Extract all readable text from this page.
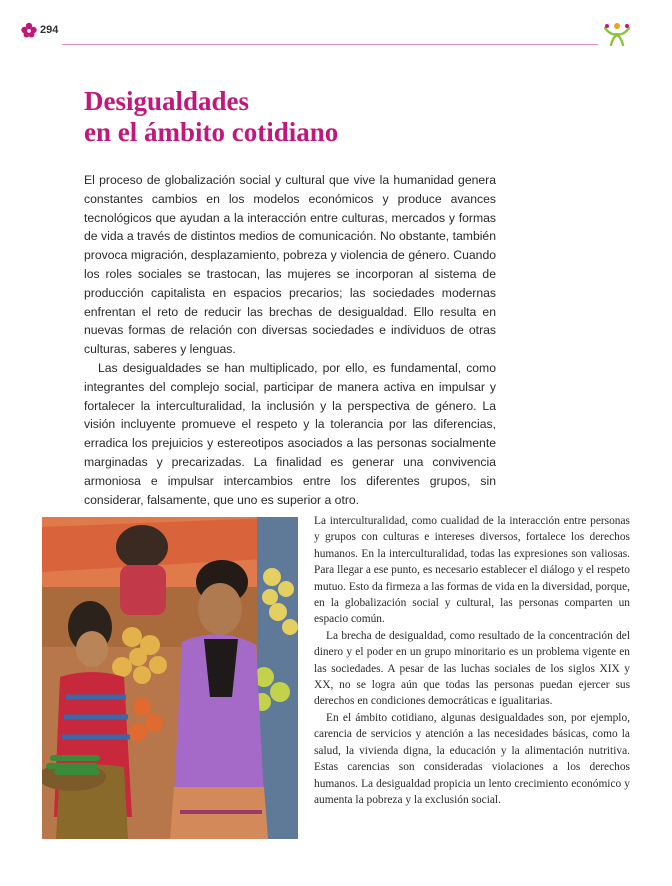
294
Desigualdades
en el ámbito cotidiano

El proceso de globalización social y cultural que vive la humanidad genera constantes cambios en los modelos económicos y produce avances tecnológicos que ayudan a la interacción entre culturas, mercados y formas de vida a través de distintos medios de comunicación. No obstante, también provoca migración, desplazamiento, pobreza y violencia de género. Cuando los roles sociales se trastocan, las mujeres se incorporan al sistema de producción capitalista en espacios precarios; las sociedades modernas enfrentan el reto de reducir las brechas de desigualdad. Ello resulta en nuevas formas de relación con diversas sociedades e individuos de otras culturas, saberes y lenguas.

Las desigualdades se han multiplicado, por ello, es fundamental, como integrantes del complejo social, participar de manera activa en impulsar y fortalecer la interculturalidad, la inclusión y la perspectiva de género. La visión incluyente promueve el respeto y la tolerancia por las diferencias, erradica los prejuicios y estereotipos asociados a las personas socialmente marginadas y precarizadas. La finalidad es generar una convivencia armoniosa e impulsar intercambios entre los diferentes grupos, sin considerar, falsamente, que uno es superior a otro.

La interculturalidad, como cualidad de la interacción entre personas y grupos con culturas e intereses diversos, fortalece los derechos humanos. En la interculturalidad, todas las expresiones son valiosas. Para llegar a ese punto, es necesario establecer el diálogo y el respeto mutuo. Esto da firmeza a las formas de vida en la diversidad, porque, en la globalización social y cultural, las personas comparten un espacio común.

La brecha de desigualdad, como resultado de la concentración del dinero y el poder en un grupo minoritario es un problema vigente en las sociedades. A pesar de las luchas sociales de los siglos XIX y XX, no se logra aún que todas las personas puedan ejercer sus derechos en condiciones democráticas e igualitarias.

En el ámbito cotidiano, algunas desigualdades son, por ejemplo, carencia de servicios y atención a las necesidades básicas, como la salud, la vivienda digna, la educación y la alimentación nutritiva. Estas carencias son consideradas violaciones a los derechos humanos. La desigualdad propicia un lento crecimiento económico y aumenta la pobreza y la exclusión social.
